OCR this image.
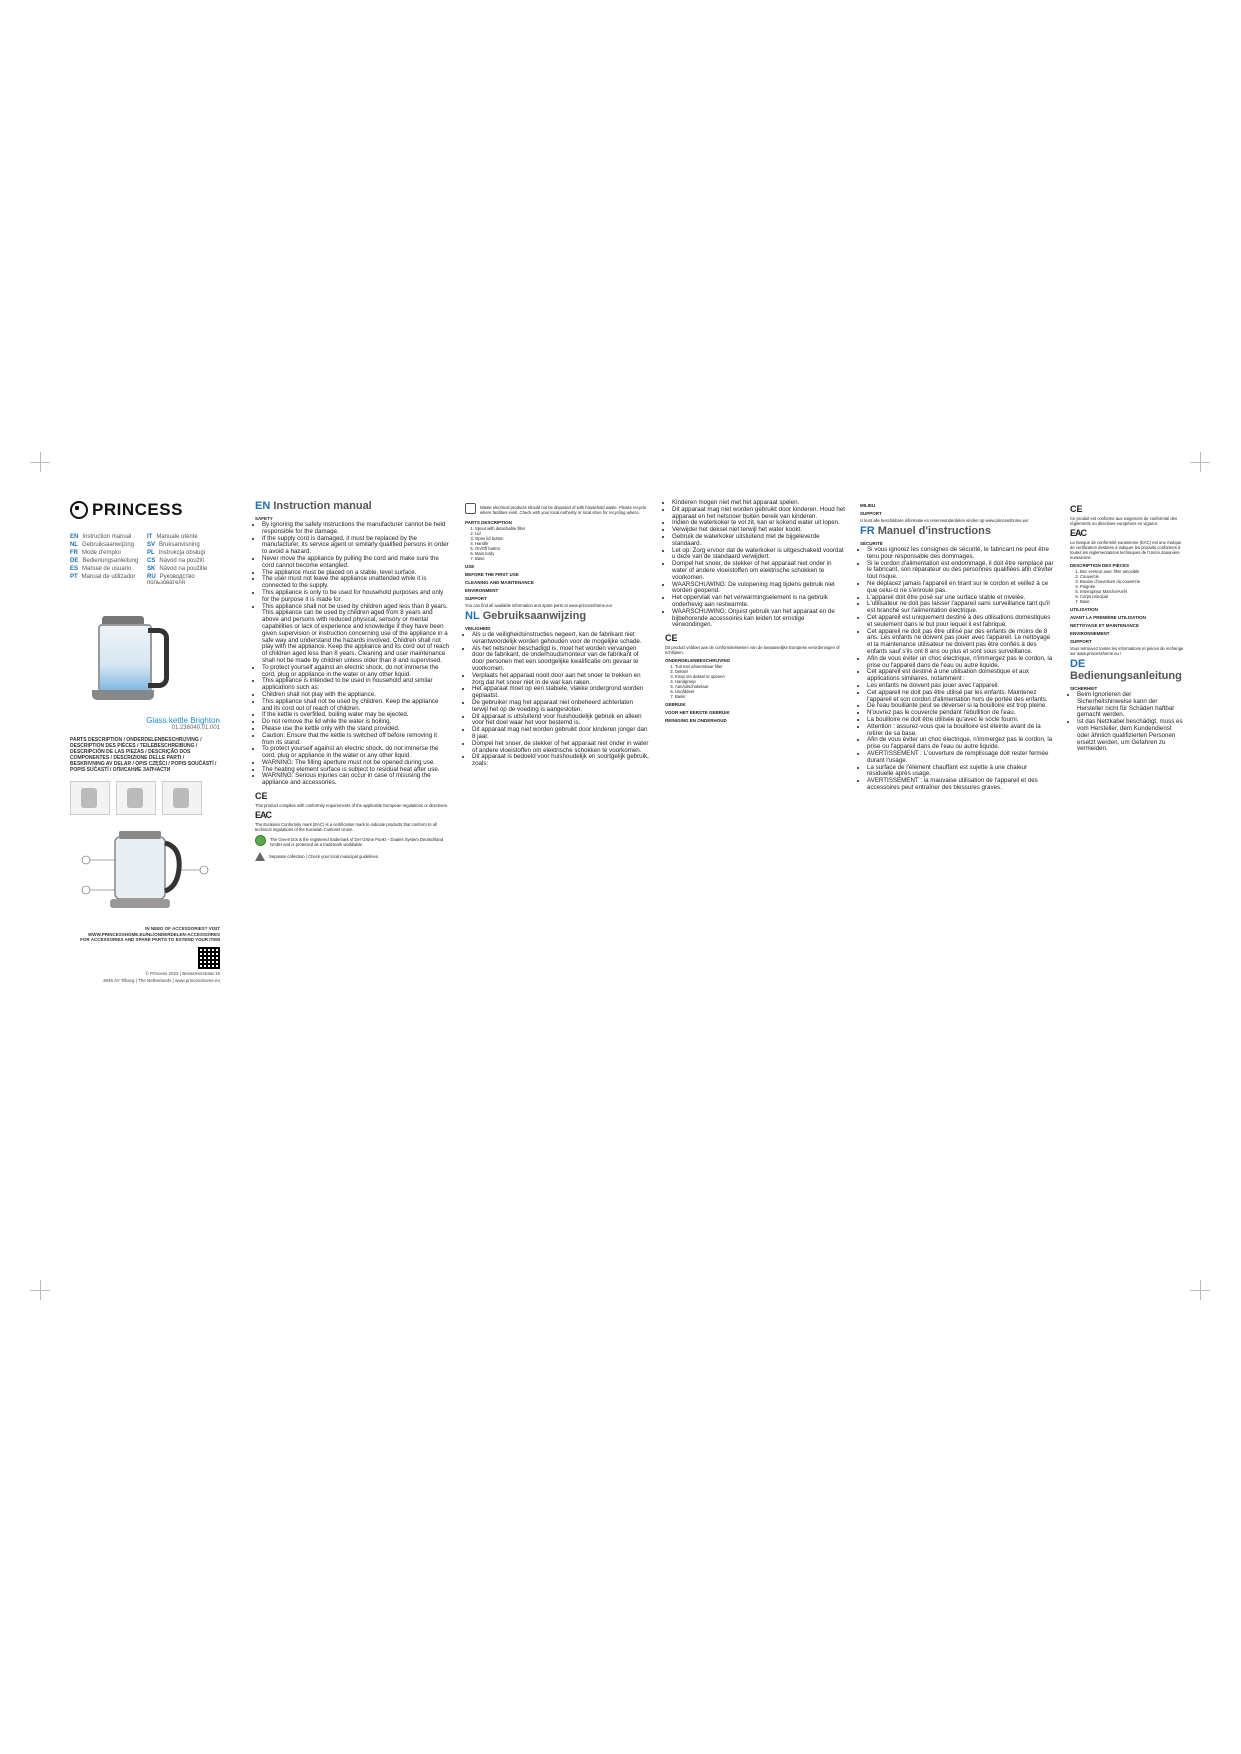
PRINCESS
EN Instruction manual	IT Manuale utente
NL Gebruiksaanwijzing	SV Bruksanvisning
FR Mode d'emploi	PL Instrukcja obsługi
DE Bedienungsanleitung	CS Návod na použití
ES Manual de usuario	SK Návod na použitie
PT Manual de utilizador	RU Руководство пользователя
Glass kettle Brighton
01.236040.01.001
PARTS DESCRIPTION / ONDERDELENBESCHRIJVING / DESCRIPTION DES PIÈCES / TEILEBESCHREIBUNG / DESCRIPCIÓN DE LAS PIEZAS / DESCRIÇÃO DOS COMPONENTES / DESCRIZIONE DELLE PARTI / BESKRIVNING AV DELAR / OPIS CZĘŚCI / POPIS SOUČÁSTÍ / POPIS SÚČASTÍ / ОПИСАНИЕ ЗАПЧАСТИ
IN NEED OF ACCESSORIES? VISIT
WWW.PRINCESSHOME.EU/NL/ONDERDELEN-ACCESSOIRES
FOR ACCESSORIES AND SPARE PARTS TO EXTEND YOUR ITEM
© Princess 2023 | Bessemerstraat 15
3846 AV Tilburg | The Netherlands | www.princesshome.eu
EN Instruction manual
SAFETY
• By ignoring the safety instructions the manufacturer cannot be held responsible for the damage.
• If the supply cord is damaged, it must be replaced by the manufacturer, its service agent or similarly qualified persons in order to avoid a hazard.
• Never move the appliance by pulling the cord and make sure the cord cannot become entangled.
• The appliance must be placed on a stable, level surface.
• The user must not leave the appliance unattended while it is connected to the supply.
• This appliance is only to be used for household purposes and only for the purpose it is made for.
• This appliance shall not be used by children aged less than 8 years. This appliance can be used by children aged from 8 years and above and persons with reduced physical, sensory or mental capabilities or lack of experience and knowledge if they have been given supervision or instruction concerning use of the appliance in a safe way and understand the hazards involved. Children shall not play with the appliance. Keep the appliance and its cord out of reach of children aged less than 8 years. Cleaning and user maintenance shall not be made by children unless older than 8 and supervised.
• To protect yourself against an electric shock, do not immerse the cord, plug or appliance in the water or any other liquid.
• This appliance is intended to be used in household and similar applications such as:
• Children shall not play with the appliance.
• This appliance shall not be used by children. Keep the appliance and its cord out of reach of children.
• If the kettle is overfilled, boiling water may be ejected.
• Do not remove the lid while the water is boiling.
• Please use the kettle only with the stand provided.
• Caution: Ensure that the kettle is switched off before removing it from its stand.
• To protect yourself against an electric shock, do not immerse the cord, plug or appliance in the water or any other liquid.
• WARNING: The filling aperture must not be opened during use.
• The heating element surface is subject to residual heat after use.
• WARNING: Serious injuries can occur in case of misusing the appliance and accessories.
CE

This product complies with conformity requirements of the applicable European regulations or directives.

EAC

The Eurasian Conformity mark (EAC) is a certification mark to indicate products that conform to all technical regulations of the Eurasian Customs Union.

The Green Dot is the registered trademark of Der Grüne Punkt – Duales System Deutschland GmbH and is protected as a trademark worldwide.

Separate collection / Check your local municipal guidelines.

Waste electrical products should not be disposed of with household waste. Please recycle where facilities exist. Check with your local Authority or local store for recycling advice.

PARTS DESCRIPTION
1. Spout with detachable filter
2. Lid
3. Open lid button
4. Handle
5. On/Off button
6. Main body
7. Base
USE
BEFORE THE FIRST USE
CLEANING AND MAINTENANCE
ENVIRONMENT
SUPPORT

You can find all available information and spare parts at www.princesshome.eu!

NL Gebruiksaanwijzing
VEILIGHEID
• Als u de veiligheidsinstructies negeert, kan de fabrikant niet verantwoordelijk worden gehouden voor de mogelijke schade.
• Als het netsnoer beschadigd is, moet het worden vervangen door de fabrikant, de onderhoudsmonteur van de fabrikant of door personen met een soortgelijke kwalificatie om gevaar te voorkomen.
• Verplaats het apparaat nooit door aan het snoer te trekken en zorg dat het snoer niet in de war kan raken.
• Het apparaat moet op een stabiele, vlakke ondergrond worden geplaatst.
• De gebruiker mag het apparaat niet onbeheerd achterlaten terwijl het op de voeding is aangesloten.
• Dit apparaat is uitsluitend voor huishoudelijk gebruik en alleen voor het doel waar het voor bestemd is.
• Dit apparaat mag niet worden gebruikt door kinderen jonger dan 8 jaar.
• Dompel het snoer, de stekker of het apparaat niet onder in water of andere vloeistoffen om elektrische schokken te voorkomen.
• Dit apparaat is bedoeld voor huishoudelijk en soortgelijk gebruik, zoals:
• Kinderen mogen niet met het apparaat spelen.
• Dit apparaat mag niet worden gebruikt door kinderen. Houd het apparaat en het netsnoer buiten bereik van kinderen.
• Indien de waterkoker te vol zit, kan er kokend water uit lopen.
• Verwijder het deksel niet terwijl het water kookt.
• Gebruik de waterkoker uitsluitend met de bijgeleverde standaard.
• Let op: Zorg ervoor dat de waterkoker is uitgeschakeld voordat u deze van de standaard verwijdert.
• Dompel het snoer, de stekker of het apparaat niet onder in water of andere vloeistoffen om elektrische schokken te voorkomen.
• WAARSCHUWING: De vulopening mag tijdens gebruik niet worden geopend.
• Het oppervlak van het verwarmingselement is na gebruik onderhevig aan restwarmte.
• WAARSCHUWING: Onjuist gebruik van het apparaat en de bijbehorende accessoires kan leiden tot ernstige verwondingen.
CE

Dit product voldoet aan de conformiteitseisen van de toepasselijke Europese verordeningen of richtlijnen.

ONDERDELENBESCHRIJVING
1. Tuit met afneembaar filter
2. Deksel
3. Knop om deksel te openen
4. Handgreep
5. Aan/uitschakelaar
6. Hoofddeel
7. Basis
GEBRUIK
VOOR HET EERSTE GEBRUIK
REINIGING EN ONDERHOUD
MILIEU
SUPPORT

U kunt alle beschikbare informatie en reserveonderdelen vinden op www.princesshome.eu!

FR Manuel d'instructions
SÉCURITÉ
• Si vous ignorez les consignes de sécurité, le fabricant ne peut être tenu pour responsable des dommages.
• Si le cordon d'alimentation est endommagé, il doit être remplacé par le fabricant, son réparateur ou des personnes qualifiées afin d'éviter tout risque.
• Ne déplacez jamais l'appareil en tirant sur le cordon et veillez à ce que celui-ci ne s'enroule pas.
• L'appareil doit être posé sur une surface stable et nivelée.
• L'utilisateur ne doit pas laisser l'appareil sans surveillance tant qu'il est branché sur l'alimentation électrique.
• Cet appareil est uniquement destiné à des utilisations domestiques et seulement dans le but pour lequel il est fabriqué.
• Cet appareil ne doit pas être utilisé par des enfants de moins de 8 ans. Les enfants ne doivent pas jouer avec l'appareil. Le nettoyage et la maintenance utilisateur ne doivent pas être confiés à des enfants sauf s'ils ont 8 ans ou plus et sont sous surveillance.
• Afin de vous éviter un choc électrique, n'immergez pas le cordon, la prise ou l'appareil dans de l'eau ou autre liquide.
• Cet appareil est destiné à une utilisation domestique et aux applications similaires, notamment :
• Les enfants ne doivent pas jouer avec l'appareil.
• Cet appareil ne doit pas être utilisé par les enfants. Maintenez l'appareil et son cordon d'alimentation hors de portée des enfants.
• De l'eau bouillante peut se déverser si la bouilloire est trop pleine.
• N'ouvrez pas le couvercle pendant l'ébullition de l'eau.
• La bouilloire ne doit être utilisée qu'avec le socle fourni.
• Attention : assurez-vous que la bouilloire est éteinte avant de la retirer de sa base.
• Afin de vous éviter un choc électrique, n'immergez pas le cordon, la prise ou l'appareil dans de l'eau ou autre liquide.
• AVERTISSEMENT : L'ouverture de remplissage doit rester fermée durant l'usage.
• La surface de l'élément chauffant est sujette à une chaleur résiduelle après usage.
• AVERTISSEMENT : la mauvaise utilisation de l'appareil et des accessoires peut entraîner des blessures graves.
CE

Ce produit est conforme aux exigences de conformité des règlements ou directives européens en vigueur.

EAC

La marque de conformité eurasienne (EAC) est une marque de certification destinée à indiquer les produits conformes à toutes les réglementations techniques de l'Union douanière eurasienne.

DESCRIPTION DES PIÈCES
1. Bec verseur avec filtre amovible
2. Couvercle
3. Bouton d'ouverture du couvercle
4. Poignée
5. Interrupteur Marche/Arrêt
6. Corps principal
7. Base
UTILISATION
AVANT LA PREMIÈRE UTILISATION
NETTOYAGE ET MAINTENANCE
ENVIRONNEMENT
SUPPORT

Vous retrouvez toutes les informations et pièces de rechange sur www.princesshome.eu !

DE Bedienungsanleitung
SICHERHEIT
• Beim Ignorieren der Sicherheitshinweise kann der Hersteller nicht für Schäden haftbar gemacht werden.
• Ist das Netzkabel beschädigt, muss es vom Hersteller, dem Kundendienst oder ähnlich qualifizierten Personen ersetzt werden, um Gefahren zu vermeiden.
